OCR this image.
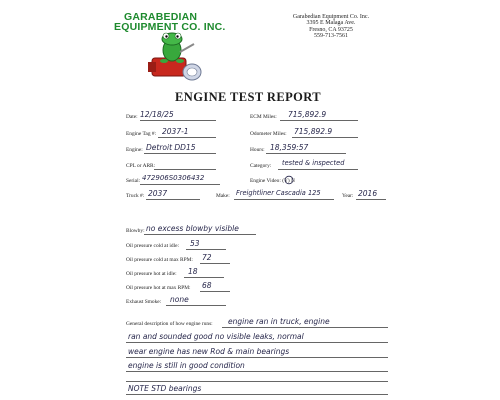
GARABEDIAN
EQUIPMENT CO. INC.
Garabedian Equipment Co. Inc.
3395 E Malaga Ave.
Fresno, CA 93725
559-713-7561
ENGINE TEST REPORT
Date: 12/18/25	ECM Miles: 715,892.9
Engine Tag #: 2037-1	Odometer Miles: 715,892.9
Engine: Detroit DD15	Hours: 18,359:57
CPL or ARR:	Category: tested & inspected
Serial: 472906S0306432	Engine Video: (Y) N
Truck #: 2037	Make: Freightliner Cascadia 125	Year: 2016
Blowby: no excess blowby visible
Oil pressure cold at idle: 53
Oil pressure cold at max RPM: 72
Oil pressure hot at idle: 18
Oil pressure hot at max RPM: 68
Exhaust Smoke: none
General description of how engine runs: engine ran in truck, engine
ran and sounded good no visible leaks, normal
wear engine has new Rod & main bearings
engine is still in good condition
NOTE STD bearings
